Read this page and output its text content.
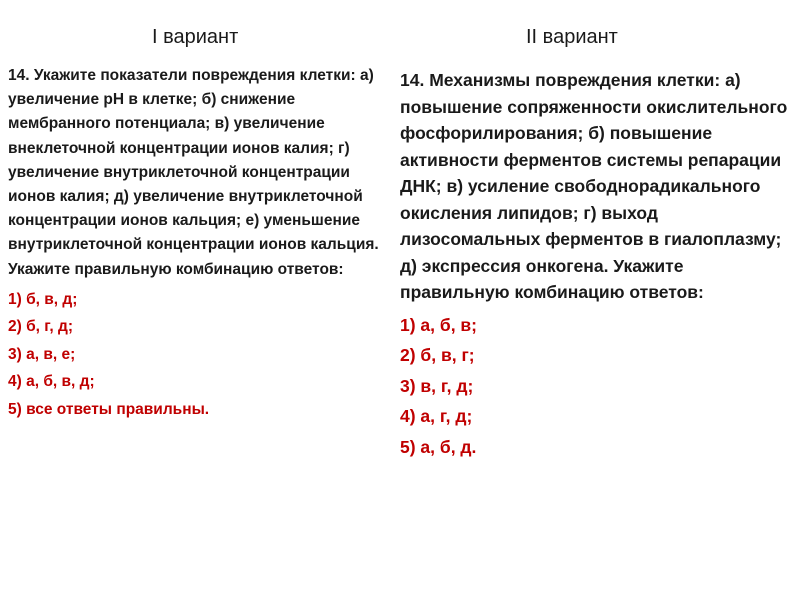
I вариант	II вариант

14. Укажите показатели повреждения клетки: а) увеличение рН в клетке; б) снижение мембранного потенциала; в) увеличение внеклеточной концентрации ионов калия; г) увеличение внутриклеточной концентрации ионов калия; д) увеличение внутриклеточной концентрации ионов кальция; е) уменьшение внутриклеточной концентрации ионов кальция. Укажите правильную комбинацию ответов:

1) б, в, д;
2) б, г, д;
3) а, в, е;
4) а, б, в, д;
5) все ответы правильны.

14. Механизмы повреждения клетки: а) повышение сопряженности окислительного фосфорилирования; б) повышение активности ферментов системы репарации ДНК; в) усиление свободнорадикального окисления липидов; г) выход лизосомальных ферментов в гиалоплазму; д) экспрессия онкогена. Укажите правильную комбинацию ответов:

1) а, б, в;
2) б, в, г;
3) в, г, д;
4) а, г, д;
5) а, б, д.
